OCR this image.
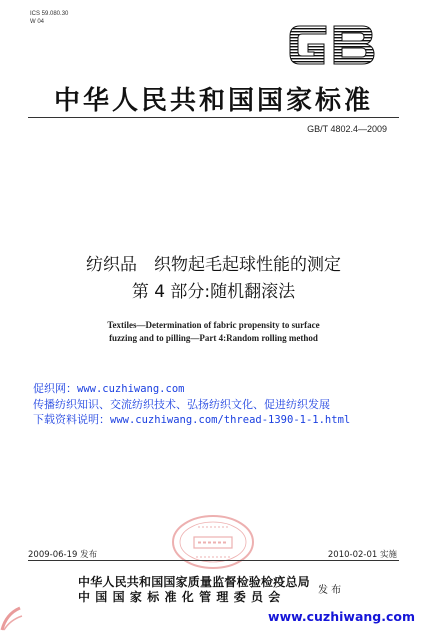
ICS 59.080.30
W 04
中华人民共和国国家标准
GB/T 4802.4—2009
纺织品　织物起毛起球性能的测定
第 4 部分:随机翻滚法
Textiles—Determination of fabric propensity to surface
fuzzing and to pilling—Part 4:Random rolling method
促织网：www.cuzhiwang.com
传播纺织知识、交流纺织技术、弘扬纺织文化、促进纺织发展
下载资料说明：www.cuzhiwang.com/thread-1390-1-1.html
2009-06-19 发布	2010-02-01 实施
中华人民共和国国家质量监督检验检疫总局
中国国家标准化管理委员会	发 布
www.cuzhiwang.com
